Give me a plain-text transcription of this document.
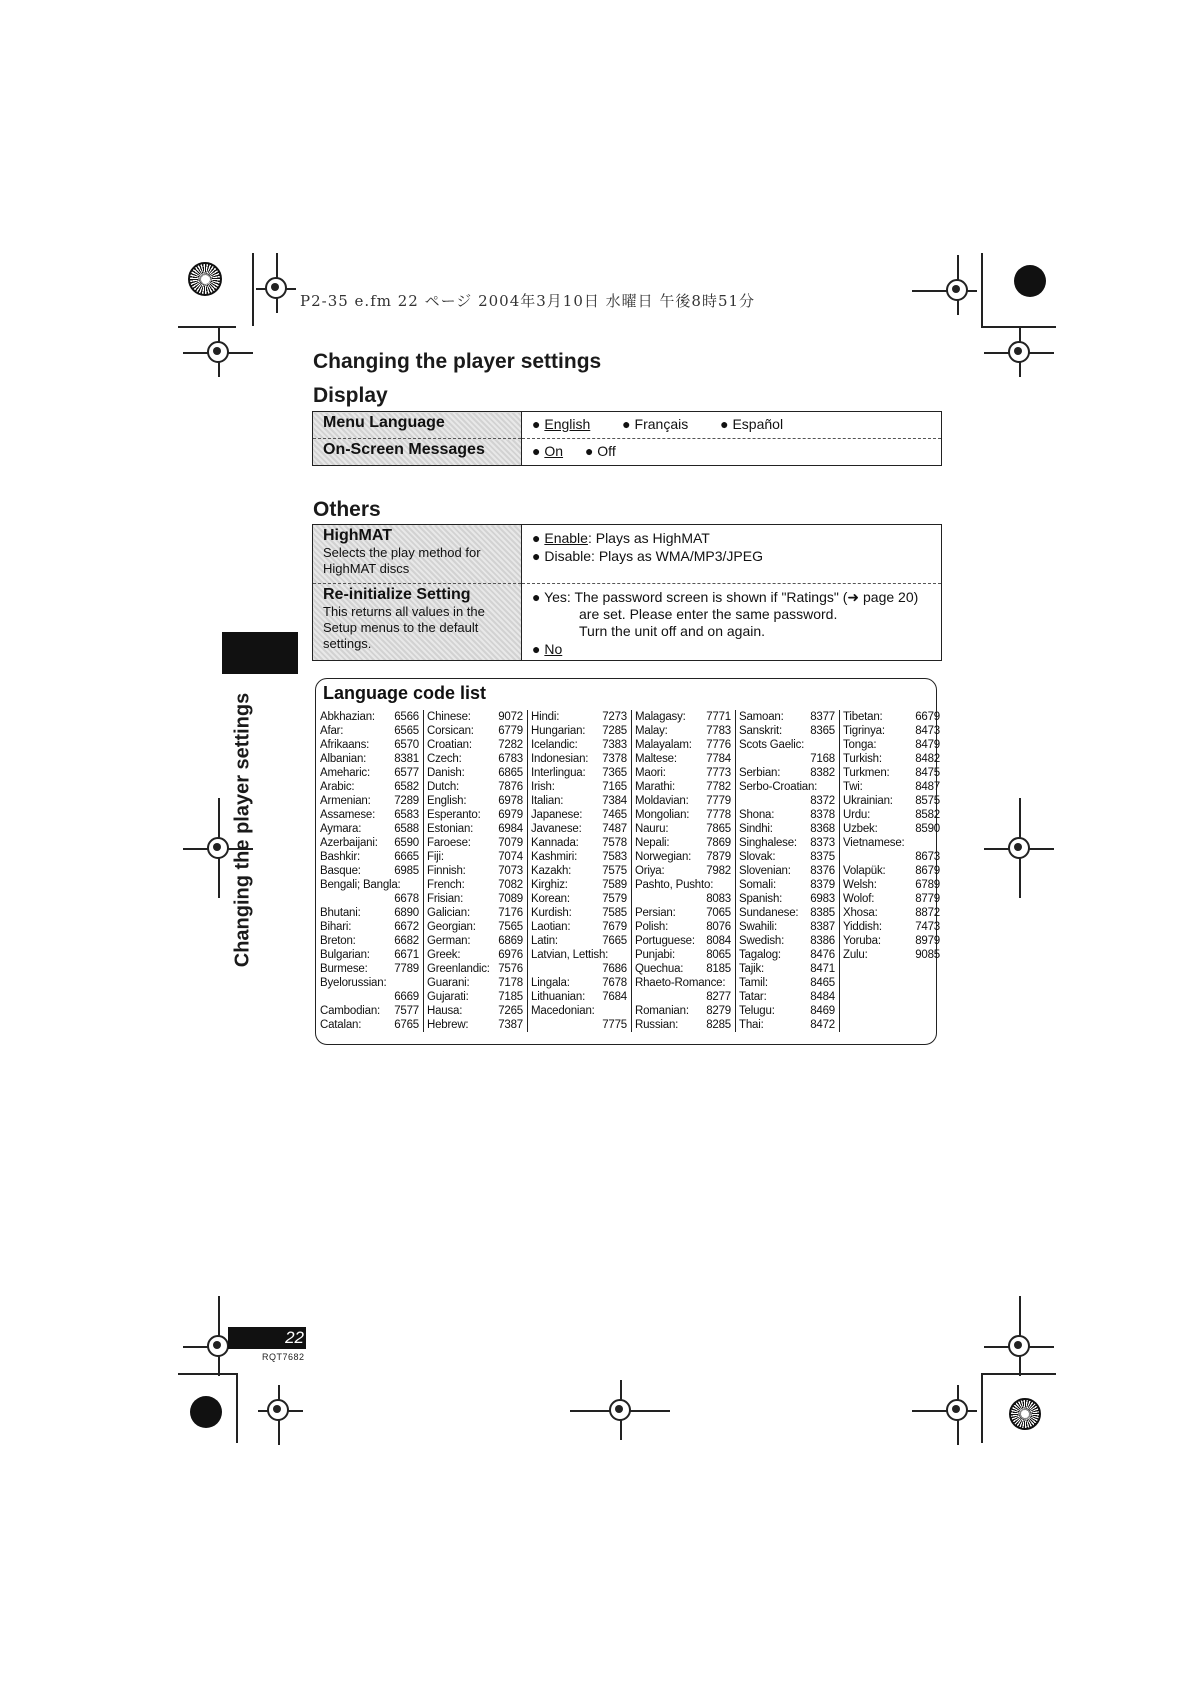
P2-35 e.fm 22 ページ 2004年3月10日 水曜日 午後8時51分
Changing the player settings
Display
Menu Language	● English ● Français ● Español

On-Screen Messages	● On ● Off
Others
HighMAT
Selects the play method for HighMAT discs	● Enable: Plays as HighMAT
● Disable: Plays as WMA/MP3/JPEG

Re-initialize Setting
This returns all values in the Setup menus to the default settings.	● Yes: The password screen is shown if "Ratings" (➜ page 20)
are set. Please enter the same password.
Turn the unit off and on again.
● No
Changing the player settings	Language code list
Abkhazian: 6566
Afar:	6565
Afrikaans: 6570
Albanian: 8381
Ameharic: 6577
Arabic:	6582
Armenian: 7289
Assamese: 6583
Aymara:	6588
Azerbaijani: 6590
Bashkir:	6665
Basque:	6985
Bengali; Bangla:
6678
Bhutani:	6890
Bihari:	6672
Breton:	6682
Bulgarian: 6671
Burmese: 7789
Byelorussian:
6669
Cambodian: 7577
Catalan:	6765
Chinese: 9072
Corsican: 6779
Croatian: 7282
Czech:	6783
Danish:	6865
Dutch:	7876
English:	6978
Esperanto: 6979
Estonian: 6984
Faroese: 7079
Fiji:	7074
Finnish:	7073
French:	7082
Frisian:	7089
Galician: 7176
Georgian: 7565
German: 6869
Greek:	6976
Greenlandic: 7576
Guarani: 7178
Gujarati:	7185
Hausa:	7265
Hebrew:	7387
Hindi:	7273
Hungarian: 7285
Icelandic: 7383
Indonesian: 7378
Interlingua: 7365
Irish:	7165
Italian:	7384
Japanese: 7465
Javanese: 7487
Kannada: 7578
Kashmiri: 7583
Kazakh:	7575
Kirghiz:	7589
Korean:	7579
Kurdish:	7585
Laotian:	7679
Latin:	7665
Latvian, Lettish:
7686
Lingala:	7678
Lithuanian: 7684
Macedonian:
7775
Malagasy: 7771
Malay:	7783
Malayalam: 7776
Maltese:	7784
Maori:	7773
Marathi:	7782
Moldavian: 7779
Mongolian: 7778
Nauru:	7865
Nepali:	7869
Norwegian: 7879
Oriya:	7982
Pashto, Pushto:
8083
Persian:	7065
Polish:	8076
Portuguese: 8084
Punjabi:	8065
Quechua: 8185
Rhaeto-Romance:
8277
Romanian: 8279
Russian: 8285
Samoan: 8377
Sanskrit: 8365
Scots Gaelic:
7168
Serbian:	8382
Serbo-Croatian:
8372
Shona:	8378
Sindhi:	8368
Singhalese: 8373
Slovak:	8375
Slovenian: 8376
Somali:	8379
Spanish: 6983
Sundanese: 8385
Swahili:	8387
Swedish: 8386
Tagalog:	8476
Tajik:	8471
Tamil:	8465
Tatar:	8484
Telugu:	8469
Thai:	8472
Tibetan:	6679
Tigrinya:	8473
Tonga:	8479
Turkish:	8482
Turkmen: 8475
Twi:	8487
Ukrainian: 8575
Urdu:	8582
Uzbek:	8590
Vietnamese:
8673
Volapük:	8679
Welsh:	6789
Wolof:	8779
Xhosa:	8872
Yiddish:	7473
Yoruba:	8979
Zulu:	9085
22
RQT7682
